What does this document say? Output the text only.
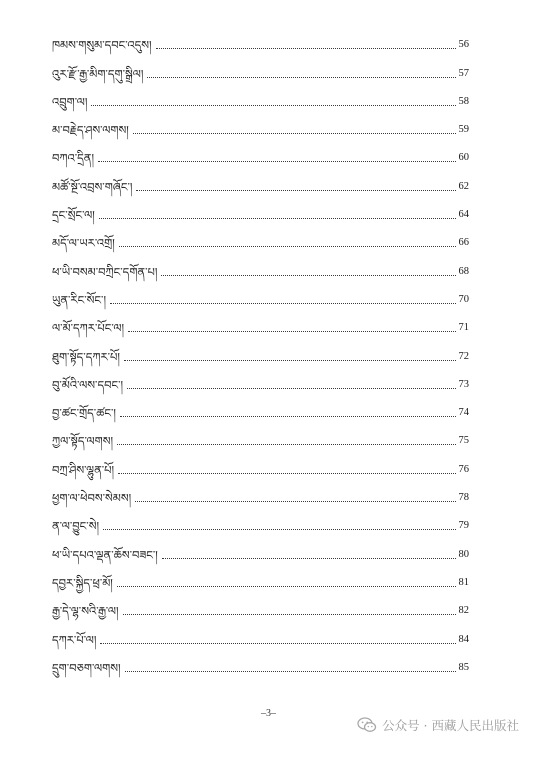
ཁམས་གསུམ་དབང་འདུས།	56
འུར་རྫོ་རྒྱ་མིག་དགུ་སྒྲིལ།	57
འབྲུག་ལ།	58
མ་བརྗེད་ཤས་ལགས།	59
བཀའ་དྲིན།	60
མཚོ་སྔོ་འབྲས་གཞོང་།	62
དྲང་སྲོང་ལ།	64
མདོ་ལ་ཡར་འགྲོ།	66
ཕ་ཡི་བསམ་བཀྲིང་དགོན་པ།	68
ཡུན་རིང་སོང་།	70
ལ་མོ་དཀར་པོང་ལ།	71
ཐུག་སྟོད་དཀར་པོ།	72
བུ་མོའི་ལས་དབང་།	73
བྱ་ཚང་གྲོད་ཚང་།	74
ཀྱལ་སྟོད་ལགས།	75
བཀྲ་ཤིས་ལྷུན་པོ།	76
ཕྱག་ལ་ཕེབས་སེམས།	78
ན་ལ་བྱུང་སེ།	79
ཕ་ཡི་དཔའ་ལྡན་ཆོས་བཟང་།	80
དབྱར་སྐྱིད་ཕྲ་མོ།	81
རྒྱ་དེ་ལྷ་སའི་རྒྱ་ལ།	82
དཀར་པོ་ལ།	84
དྲུག་བཅག་ལགས།	85
–3–
公众号 · 西藏人民出版社
